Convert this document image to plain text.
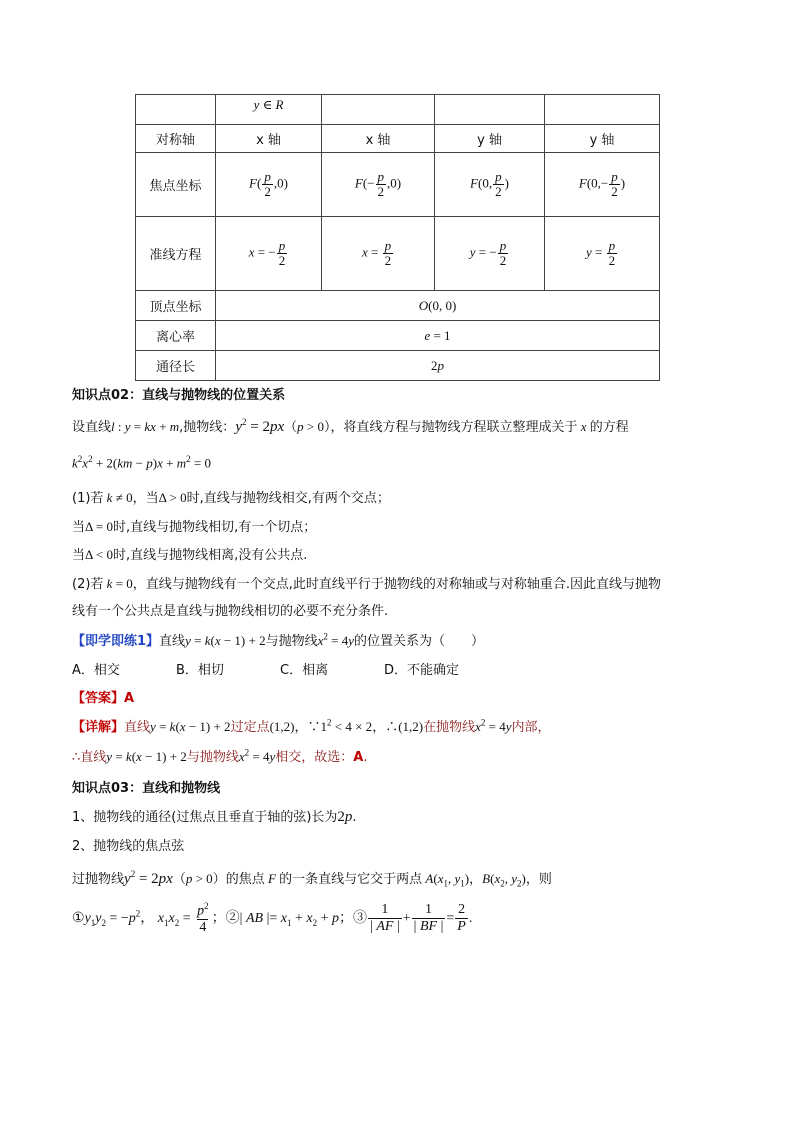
	y ∈ R			
对称轴	x 轴	x 轴	y 轴	y 轴
焦点坐标	$F( \frac{p}{2} ,0)$	$F(- \frac{p}{2} ,0)$	F(0, $\frac{p}{2}$ )	$F(0,- \frac{p}{2}$ )
准线方程	x = − $\frac{p}{2}$	$x = \frac{p}{2}$	y = − $\frac{p}{2}$	$y = \frac{p}{2}$

顶点坐标	O(0, 0)			
离心率	e = 1			
通径长	2p			
知识点02：直线与抛物线的位置关系
设直线l : y = kx + m,抛物线：$y^2 = 2px(p > 0)$，将直线方程与抛物线方程联立整理成关于 x 的方程
$k^2x^2 + 2(km - p)x + m^2 = 0$
(1)若 k ≠ 0，当Δ > 0时,直线与抛物线相交,有两个交点；
当Δ = 0时,直线与抛物线相切,有一个切点；
当Δ < 0时,直线与抛物线相离,没有公共点.
(2)若 k = 0，直线与抛物线有一个交点,此时直线平行于抛物线的对称轴或与对称轴重合.因此直线与抛物
线有一个公共点是直线与抛物线相切的必要不充分条件.
【即学即练1】直线y = k(x − 1) + 2与抛物线$x^2 = 4y$的位置关系为（　　）
A．相交	B．相切	C．相离	D．不能确定
【答案】A
【详解】直线y = k(x − 1) + 2过定点(1,2)，$\because 1^2 < 4 \times 2$，∴(1,2)在抛物线$x^2 = 4y$内部，
∴直线y = k(x − 1) + 2与抛物线$x^2 = 4y$相交，故选：A.
知识点03：直线和抛物线
1、抛物线的通径(过焦点且垂直于轴的弦)长为2p.
2、抛物线的焦点弦
过抛物线$y^2 = 2px(p > 0)$的焦点 F 的一条直线与它交于两点 $A(x_1$, $y_1$)，$B(x_2$, $y_2$)，则
$①y_1y_2 = -p^2$， $x_1x_2 = \frac{p^2}{4}$ ；②| AB |= $x_1 + x_2 + p$；③ $\frac{1}{| AF |} + \frac{1}{| BF |} = \frac{2}{P}$ .
